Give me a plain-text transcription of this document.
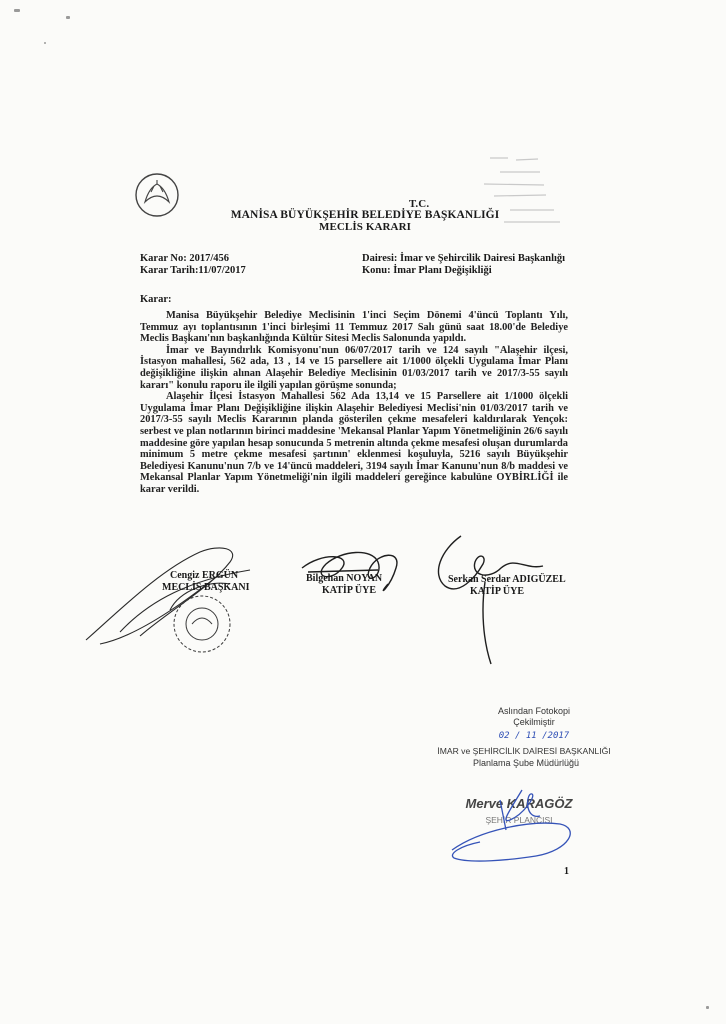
T.C.
MANİSA BÜYÜKŞEHİR BELEDİYE BAŞKANLIĞI
MECLİS KARARI
Karar No: 2017/456
Karar Tarih:11/07/2017
Dairesi: İmar ve Şehircilik Dairesi Başkanlığı
Konu: İmar Planı Değişikliği
Karar:

Manisa Büyükşehir Belediye Meclisinin 1'inci Seçim Dönemi 4'üncü Toplantı Yılı, Temmuz ayı toplantısının 1'inci birleşimi 11 Temmuz 2017 Salı günü saat 18.00'de Belediye Meclis Başkanı'nın başkanlığında Kültür Sitesi Meclis Salonunda yapıldı.

İmar ve Bayındırlık Komisyonu'nun 06/07/2017 tarih ve 124 sayılı "Alaşehir ilçesi, İstasyon mahallesi, 562 ada, 13 , 14 ve 15 parsellere ait 1/1000 ölçekli Uygulama İmar Planı değişikliğine ilişkin alınan Alaşehir Belediye Meclisinin 01/03/2017 tarih ve 2017/3-55 sayılı kararı" konulu raporu ile ilgili yapılan görüşme sonunda;

Alaşehir İlçesi İstasyon Mahallesi 562 Ada 13,14 ve 15 Parsellere ait 1/1000 ölçekli Uygulama İmar Planı Değişikliğine ilişkin Alaşehir Belediyesi Meclisi'nin 01/03/2017 tarih ve 2017/3-55 sayılı Meclis Kararının planda gösterilen çekme mesafeleri kaldırılarak Yençok: serbest ve plan notlarının birinci maddesine 'Mekansal Planlar Yapım Yönetmeliğinin 26/6 sayılı maddesine göre yapılan hesap sonucunda 5 metrenin altında çekme mesafesi oluşan durumlarda minimum 5 metre çekme mesafesi şartının' eklenmesi koşuluyla, 5216 sayılı Büyükşehir Belediyesi Kanunu'nun 7/b ve 14'üncü maddeleri, 3194 sayılı İmar Kanunu'nun 8/b maddesi ve Mekansal Planlar Yapım Yönetmeliği'nin ilgili maddeleri gereğince kabulüne OYBİRLİĞİ ile karar verildi.

Cengiz ERGÜN
MECLİS BAŞKANI
Bilgehan NOYAN
KATİP ÜYE
Serkan Serdar ADIGÜZEL
KATİP ÜYE
Aslından Fotokopi
Çekilmiştir
02 / 11 /2017
İMAR ve ŞEHİRCİLİK DAİRESİ BAŞKANLIĞI
Planlama Şube Müdürlüğü
Merve KARAGÖZ
ŞEHİR PLANCISI
1
